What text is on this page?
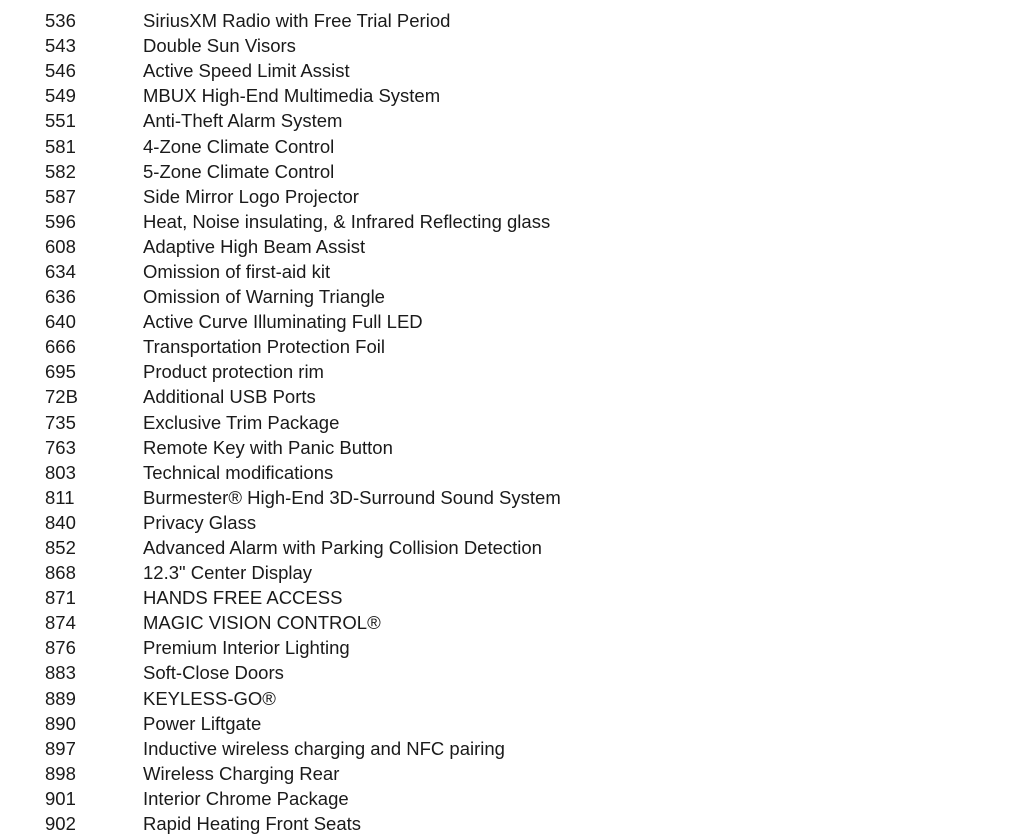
536	SiriusXM Radio with Free Trial Period
543	Double Sun Visors
546	Active Speed Limit Assist
549	MBUX High-End Multimedia System
551	Anti-Theft Alarm System
581	4-Zone Climate Control
582	5-Zone Climate Control
587	Side Mirror Logo Projector
596	Heat, Noise insulating, & Infrared Reflecting glass
608	Adaptive High Beam Assist
634	Omission of first-aid kit
636	Omission of Warning Triangle
640	Active Curve Illuminating Full LED
666	Transportation Protection Foil
695	Product protection rim
72B	Additional USB Ports
735	Exclusive Trim Package
763	Remote Key with Panic Button
803	Technical modifications
811	Burmester® High-End 3D-Surround Sound System
840	Privacy Glass
852	Advanced Alarm with Parking Collision Detection
868	12.3" Center Display
871	HANDS FREE ACCESS
874	MAGIC VISION CONTROL®
876	Premium Interior Lighting
883	Soft-Close Doors
889	KEYLESS-GO®
890	Power Liftgate
897	Inductive wireless charging and NFC pairing
898	Wireless Charging Rear
901	Interior Chrome Package
902	Rapid Heating Front Seats
